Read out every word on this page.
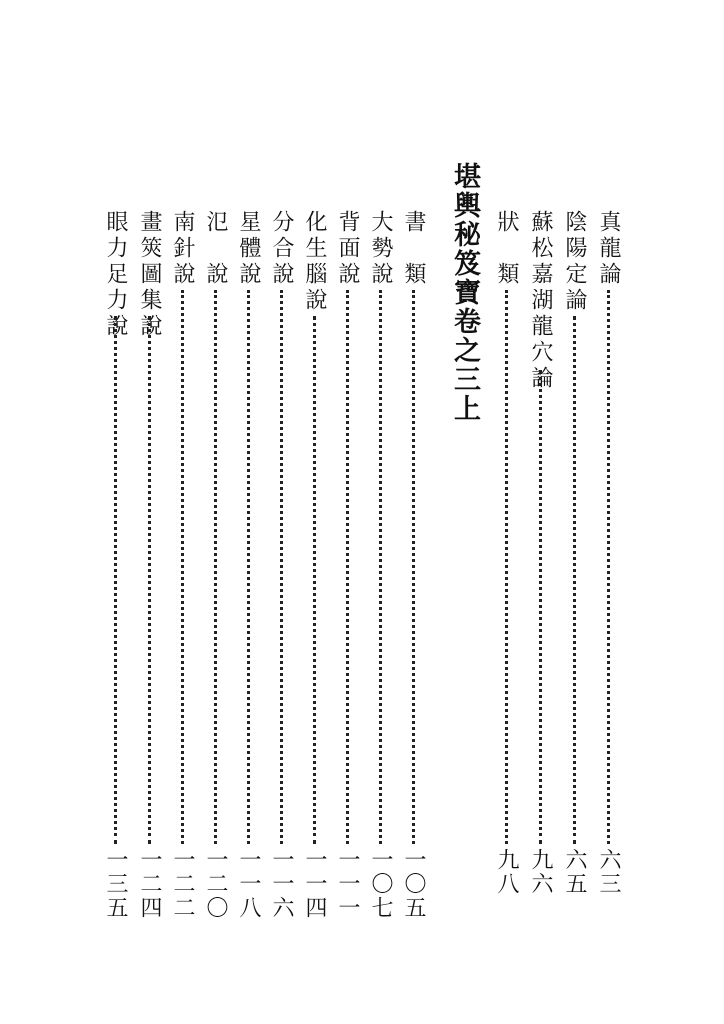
堪輿秘笈寶卷之三上	真龍論
六三
陰陽定論
六五
蘇松嘉湖龍穴論
九六
狀　類
九八
書　類
一〇五
大勢說
一〇七
背面說
一一一
化生腦說
一一四
分合說
一一六
星體說
一一八
氾　說
一二〇
南針說
一二二
畫筴圖集說
一二四
眼力足力說
一三五
